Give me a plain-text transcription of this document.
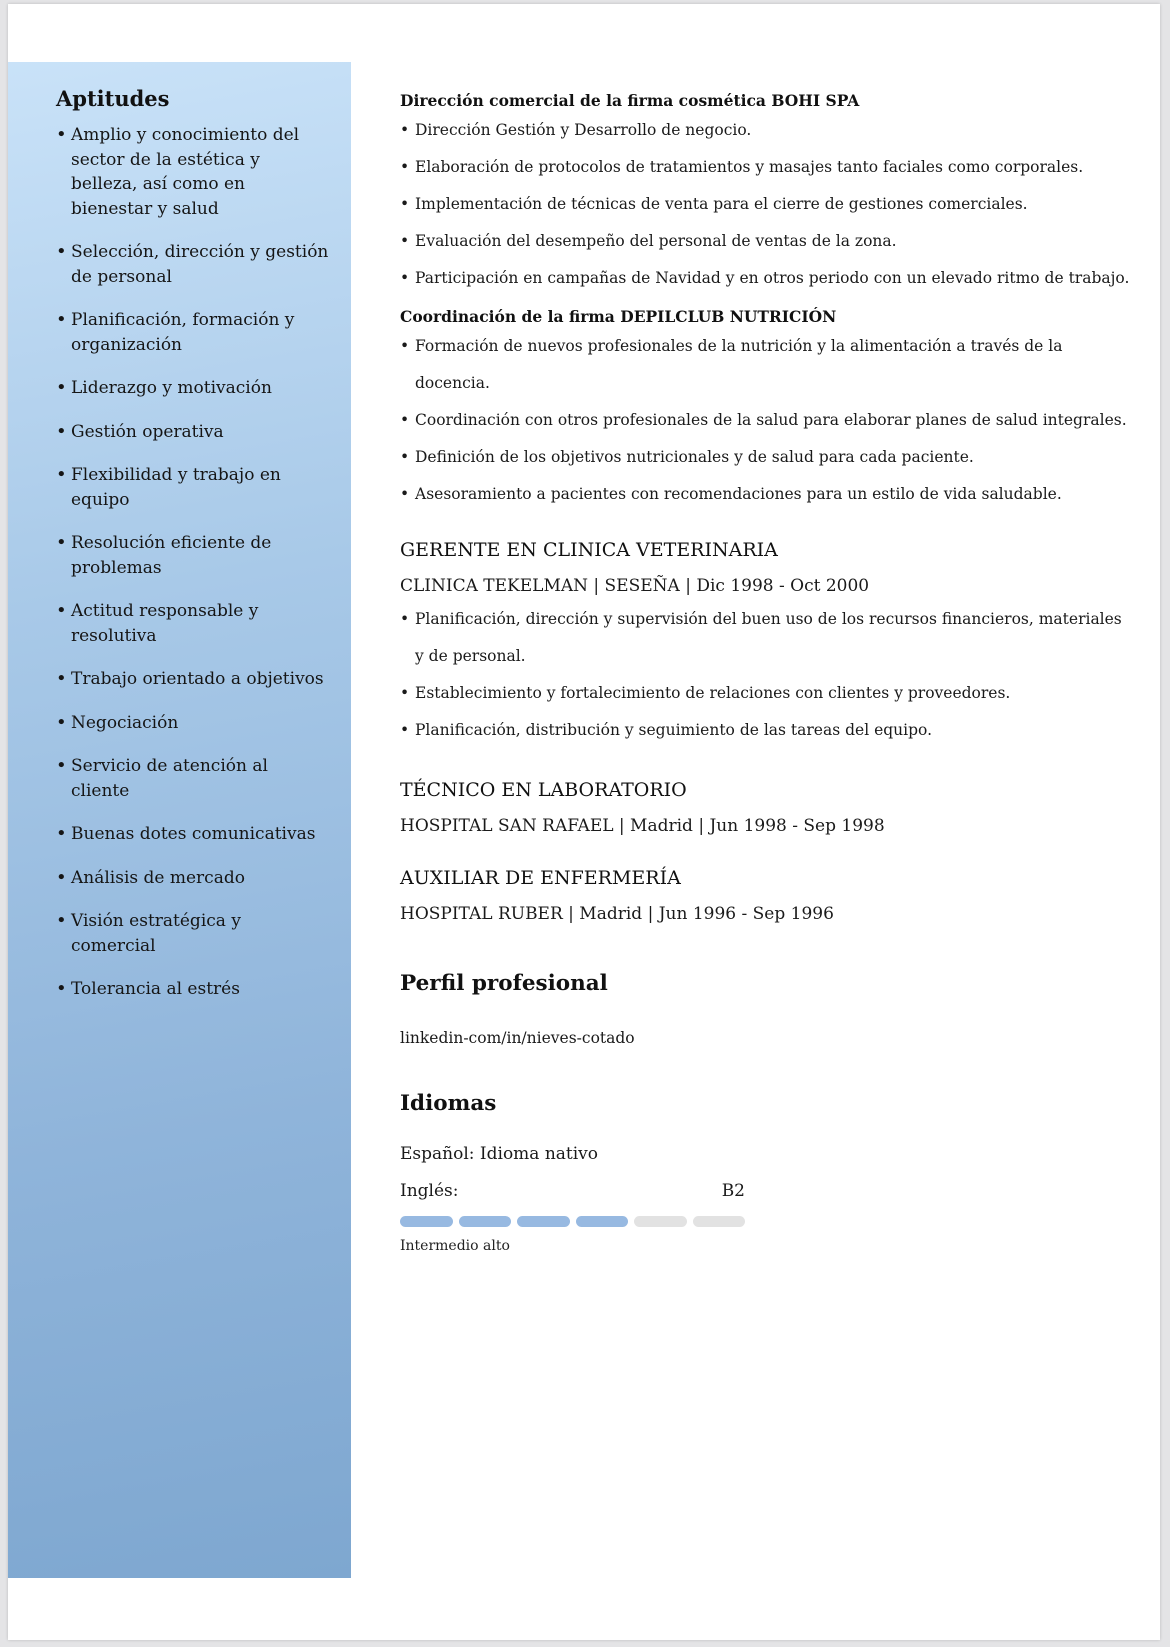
Aptitudes
• Amplio y conocimiento del sector de la estética y belleza, así como en bienestar y salud
• Selección, dirección y gestión de personal
• Planificación, formación y organización
• Liderazgo y motivación
• Gestión operativa
• Flexibilidad y trabajo en equipo
• Resolución eficiente de problemas
• Actitud responsable y resolutiva
• Trabajo orientado a objetivos
• Negociación
• Servicio de atención al cliente
• Buenas dotes comunicativas
• Análisis de mercado
• Visión estratégica y comercial
• Tolerancia al estrés
Dirección comercial de la firma cosmética BOHI SPA
• Dirección Gestión y Desarrollo de negocio.
• Elaboración de protocolos de tratamientos y masajes tanto faciales como corporales.
• Implementación de técnicas de venta para el cierre de gestiones comerciales.
• Evaluación del desempeño del personal de ventas de la zona.
• Participación en campañas de Navidad y en otros periodo con un elevado ritmo de trabajo.
Coordinación de la firma DEPILCLUB NUTRICIÓN
• Formación de nuevos profesionales de la nutrición y la alimentación a través de la docencia.
• Coordinación con otros profesionales de la salud para elaborar planes de salud integrales.
• Definición de los objetivos nutricionales y de salud para cada paciente.
• Asesoramiento a pacientes con recomendaciones para un estilo de vida saludable.
GERENTE EN CLINICA VETERINARIA
CLINICA TEKELMAN | SESEÑA | Dic 1998 - Oct 2000
• Planificación, dirección y supervisión del buen uso de los recursos financieros, materiales y de personal.
• Establecimiento y fortalecimiento de relaciones con clientes y proveedores.
• Planificación, distribución y seguimiento de las tareas del equipo.
TÉCNICO EN LABORATORIO
HOSPITAL SAN RAFAEL | Madrid | Jun 1998 - Sep 1998
AUXILIAR DE ENFERMERÍA
HOSPITAL RUBER | Madrid | Jun 1996 - Sep 1996
Perfil profesional
linkedin-com/in/nieves-cotado
Idiomas
Español: Idioma nativo
Inglés:	B2
Intermedio alto
